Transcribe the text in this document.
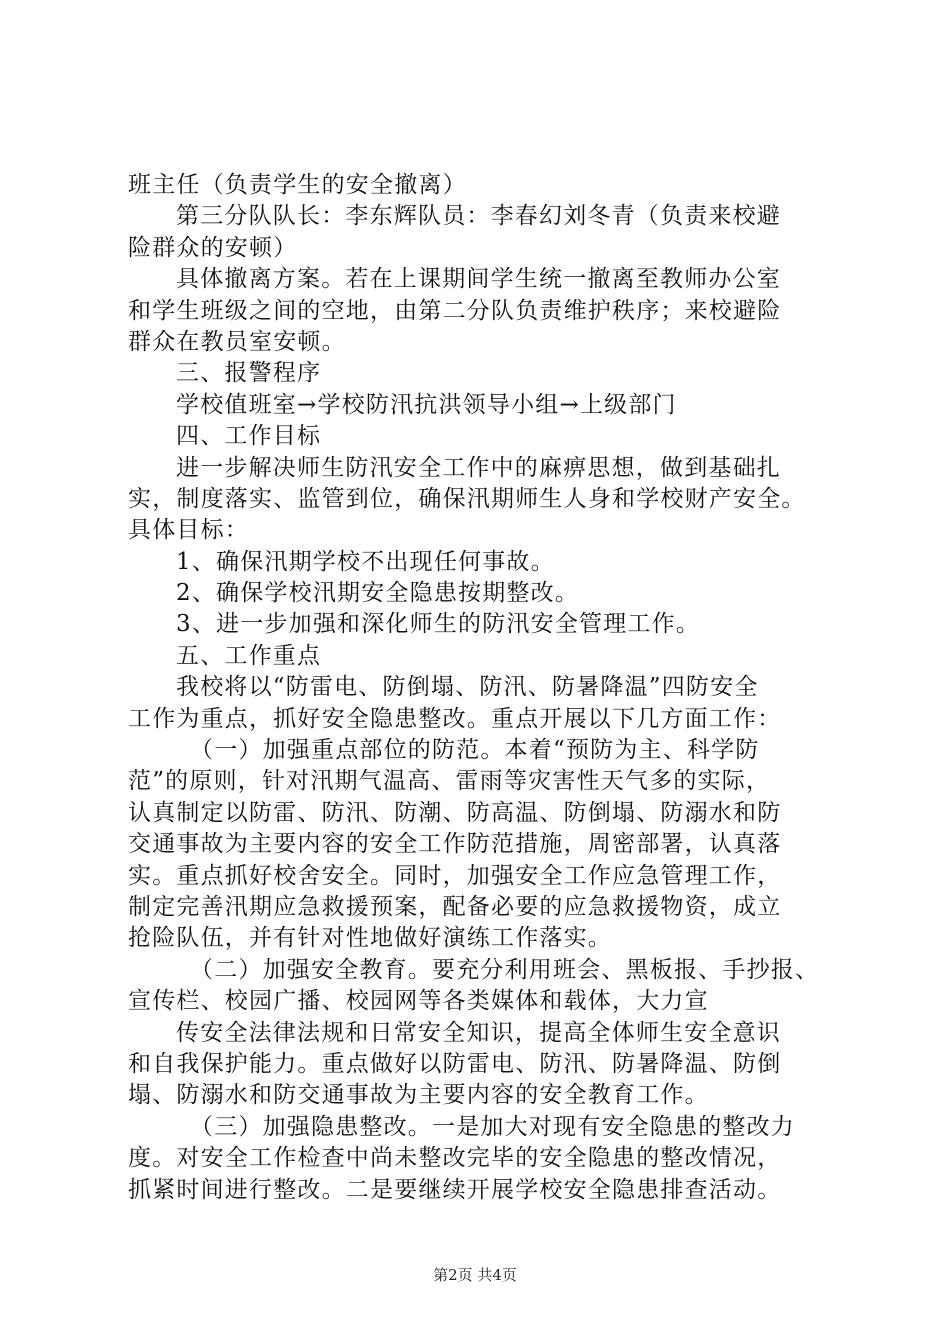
班主任（负责学生的安全撤离）
第三分队队长：李东辉队员：李春幻刘冬青（负责来校避
险群众的安顿）
具体撤离方案。若在上课期间学生统一撤离至教师办公室
和学生班级之间的空地，由第二分队负责维护秩序；来校避险
群众在教员室安顿。
三、报警程序
学校值班室→学校防汛抗洪领导小组→上级部门
四、工作目标
进一步解决师生防汛安全工作中的麻痹思想，做到基础扎
实，制度落实、监管到位，确保汛期师生人身和学校财产安全。
具体目标：
1、确保汛期学校不出现任何事故。
2、确保学校汛期安全隐患按期整改。
3、进一步加强和深化师生的防汛安全管理工作。
五、工作重点
我校将以“防雷电、防倒塌、防汛、防暑降温”四防安全
工作为重点，抓好安全隐患整改。重点开展以下几方面工作：
（一）加强重点部位的防范。本着“预防为主、科学防
范”的原则，针对汛期气温高、雷雨等灾害性天气多的实际，
认真制定以防雷、防汛、防潮、防高温、防倒塌、防溺水和防
交通事故为主要内容的安全工作防范措施，周密部署，认真落
实。重点抓好校舍安全。同时，加强安全工作应急管理工作，
制定完善汛期应急救援预案，配备必要的应急救援物资，成立
抢险队伍，并有针对性地做好演练工作落实。
（二）加强安全教育。要充分利用班会、黑板报、手抄报、
宣传栏、校园广播、校园网等各类媒体和载体，大力宣
传安全法律法规和日常安全知识，提高全体师生安全意识
和自我保护能力。重点做好以防雷电、防汛、防暑降温、防倒
塌、防溺水和防交通事故为主要内容的安全教育工作。
（三）加强隐患整改。一是加大对现有安全隐患的整改力
度。对安全工作检查中尚未整改完毕的安全隐患的整改情况，
抓紧时间进行整改。二是要继续开展学校安全隐患排查活动。
第2页 共4页
